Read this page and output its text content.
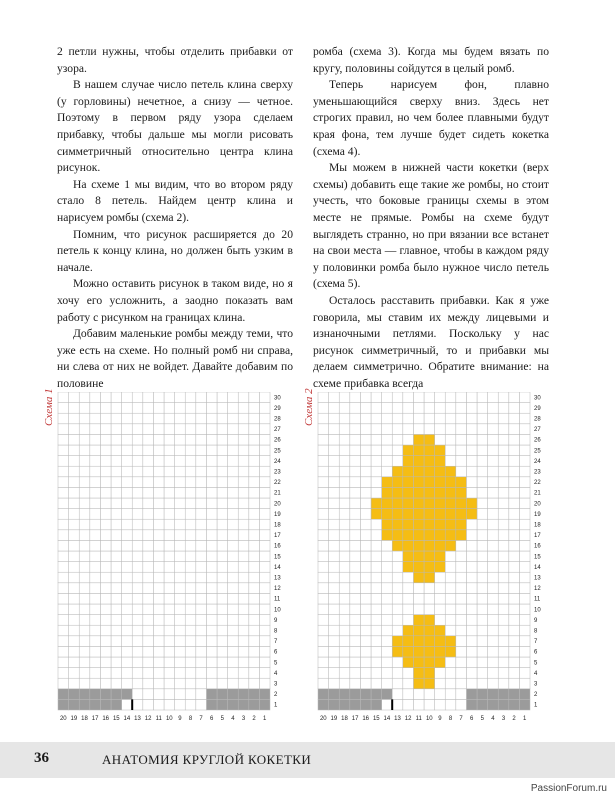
2 петли нужны, чтобы отделить прибавки от узора.

В нашем случае число петель клина сверху (у горловины) нечетное, а снизу — четное. Поэтому в первом ряду узора сделаем прибавку, чтобы дальше мы могли рисовать симметричный относительно центра клина рисунок.

На схеме 1 мы видим, что во втором ряду стало 8 петель. Найдем центр клина и нарисуем ромбы (схема 2).

Помним, что рисунок расширяется до 20 петель к концу клина, но должен быть узким в начале.

Можно оставить рисунок в таком виде, но я хочу его усложнить, а заодно показать вам работу с рисунком на границах клина.

Добавим маленькие ромбы между теми, что уже есть на схеме. Но полный ромб ни справа, ни слева от них не войдет. Давайте добавим по половине

ромба (схема 3). Когда мы будем вязать по кругу, половины сойдутся в целый ромб.

Теперь нарисуем фон, плавно уменьшающийся сверху вниз. Здесь нет строгих правил, но чем более плавными будут края фона, тем лучше будет сидеть кокетка (схема 4).

Мы можем в нижней части кокетки (верх схемы) добавить еще такие же ромбы, но стоит учесть, что боковые границы схемы в этом месте не прямые. Ромбы на схеме будут выглядеть странно, но при вязании все встанет на свои места — главное, чтобы в каждом ряду у половинки ромба было нужное число петель (схема 5).

Осталось расставить прибавки. Как я уже говорила, мы ставим их между лицевыми и изнаночными петлями. Поскольку у нас рисунок симметричный, то и прибавки мы делаем симметрично. Обратите внимание: на схеме прибавка всегда

Схема 1
1
2
3
4
5
6
7
8
9
10
11
12
13
14
15
16
17
18
19
20
21
22
23
24
25
26
27
28
29
30
1
2
3
4
5
6
7
8
9
10
11
12
13
14
15
16
17
18
19
20
Схема 2
1
2
3
4
5
6
7
8
9
10
11
12
13
14
15
16
17
18
19
20
21
22
23
24
25
26
27
28
29
30
1
2
3
4
5
6
7
8
9
10
11
12
13
14
15
16
17
18
19
20
36	АНАТОМИЯ КРУГЛОЙ КОКЕТКИ
PassionForum.ru
